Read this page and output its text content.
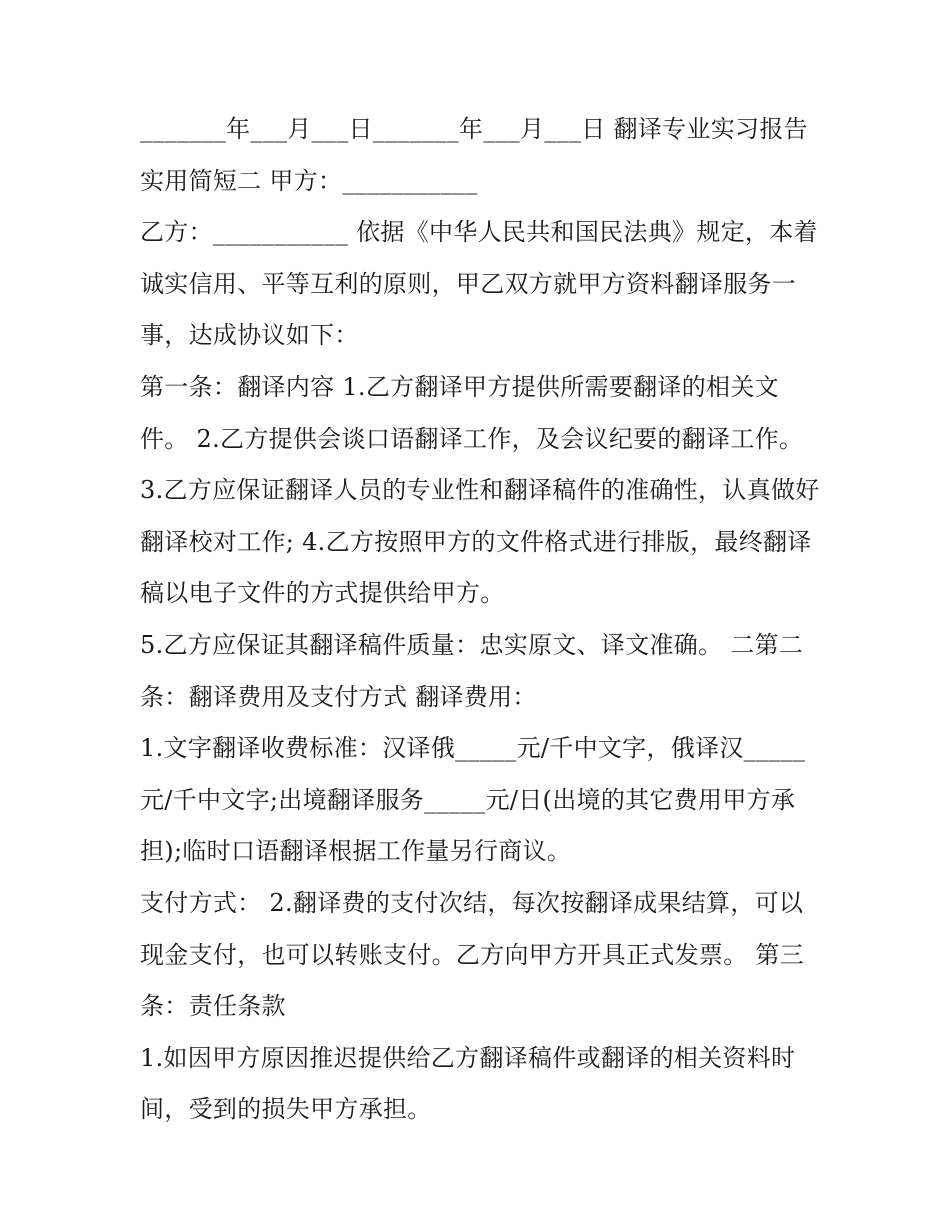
_______年___月___日_______年___月___日 翻译专业实习报告实用简短二 甲方：___________

乙方：___________ 依据《中华人民共和国民法典》规定，本着诚实信用、平等互利的原则，甲乙双方就甲方资料翻译服务一事，达成协议如下：

第一条：翻译内容 1.乙方翻译甲方提供所需要翻译的相关文件。 2.乙方提供会谈口语翻译工作，及会议纪要的翻译工作。

3.乙方应保证翻译人员的专业性和翻译稿件的准确性，认真做好翻译校对工作; 4.乙方按照甲方的文件格式进行排版，最终翻译稿以电子文件的方式提供给甲方。

5.乙方应保证其翻译稿件质量：忠实原文、译文准确。 二第二条：翻译费用及支付方式 翻译费用：

1.文字翻译收费标准：汉译俄_____元/千中文字，俄译汉_____元/千中文字;出境翻译服务_____元/日(出境的其它费用甲方承担);临时口语翻译根据工作量另行商议。

支付方式： 2.翻译费的支付次结，每次按翻译成果结算，可以现金支付，也可以转账支付。乙方向甲方开具正式发票。 第三条：责任条款

1.如因甲方原因推迟提供给乙方翻译稿件或翻译的相关资料时间，受到的损失甲方承担。
